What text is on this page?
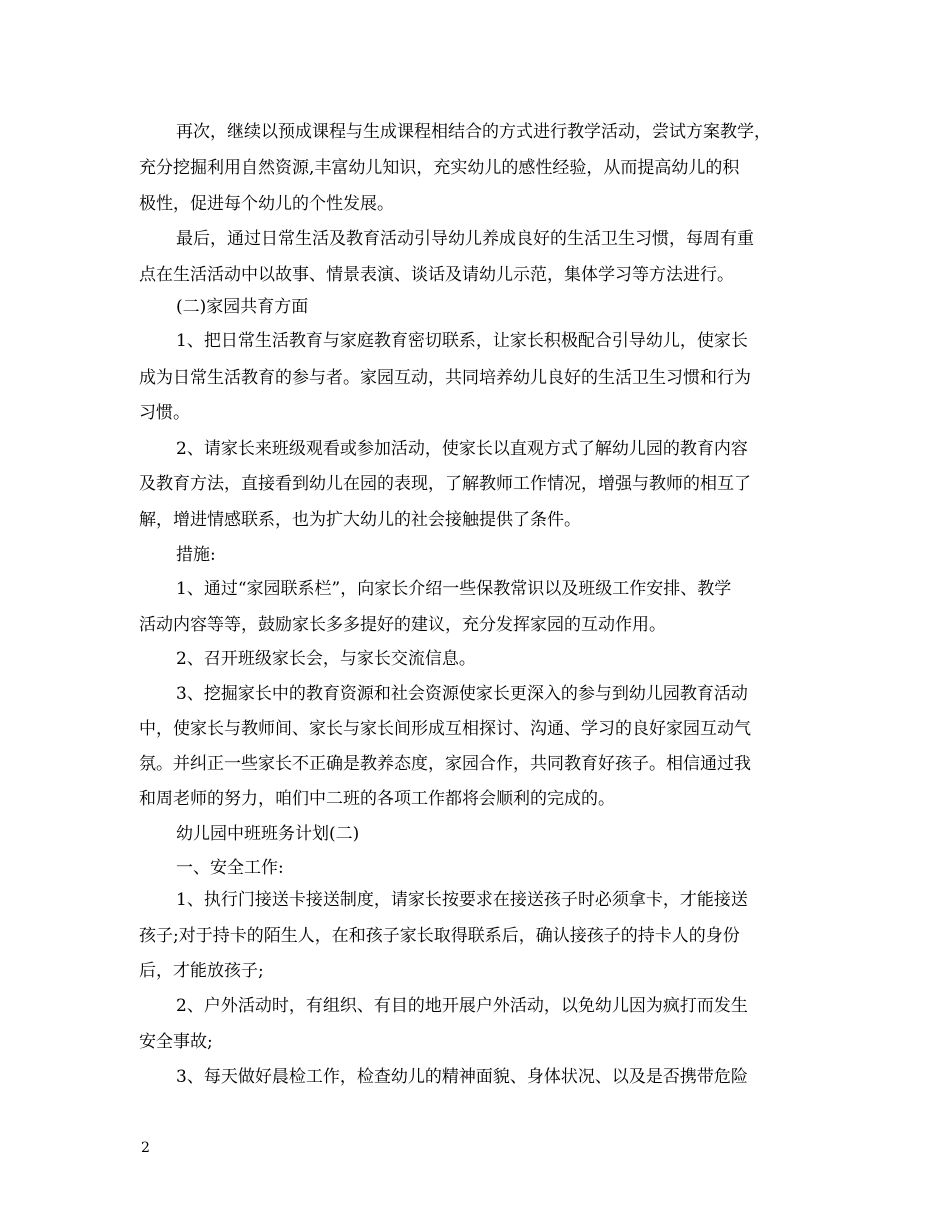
再次，继续以预成课程与生成课程相结合的方式进行教学活动，尝试方案教学，
充分挖掘利用自然资源,丰富幼儿知识，充实幼儿的感性经验，从而提高幼儿的积
极性，促进每个幼儿的个性发展。
最后，通过日常生活及教育活动引导幼儿养成良好的生活卫生习惯，每周有重
点在生活活动中以故事、情景表演、谈话及请幼儿示范，集体学习等方法进行。
(二)家园共育方面
1、把日常生活教育与家庭教育密切联系，让家长积极配合引导幼儿，使家长
成为日常生活教育的参与者。家园互动，共同培养幼儿良好的生活卫生习惯和行为
习惯。
2、请家长来班级观看或参加活动，使家长以直观方式了解幼儿园的教育内容
及教育方法，直接看到幼儿在园的表现，了解教师工作情况，增强与教师的相互了
解，增进情感联系，也为扩大幼儿的社会接触提供了条件。
措施:
1、通过“家园联系栏”，向家长介绍一些保教常识以及班级工作安排、教学
活动内容等等，鼓励家长多多提好的建议，充分发挥家园的互动作用。
2、召开班级家长会，与家长交流信息。
3、挖掘家长中的教育资源和社会资源使家长更深入的参与到幼儿园教育活动
中，使家长与教师间、家长与家长间形成互相探讨、沟通、学习的良好家园互动气
氛。并纠正一些家长不正确是教养态度，家园合作，共同教育好孩子。相信通过我
和周老师的努力，咱们中二班的各项工作都将会顺利的完成的。
幼儿园中班班务计划(二)
一、安全工作:
1、执行门接送卡接送制度，请家长按要求在接送孩子时必须拿卡，才能接送
孩子;对于持卡的陌生人，在和孩子家长取得联系后，确认接孩子的持卡人的身份
后，才能放孩子;
2、户外活动时，有组织、有目的地开展户外活动，以免幼儿因为疯打而发生
安全事故;
3、每天做好晨检工作，检查幼儿的精神面貌、身体状况、以及是否携带危险
2
